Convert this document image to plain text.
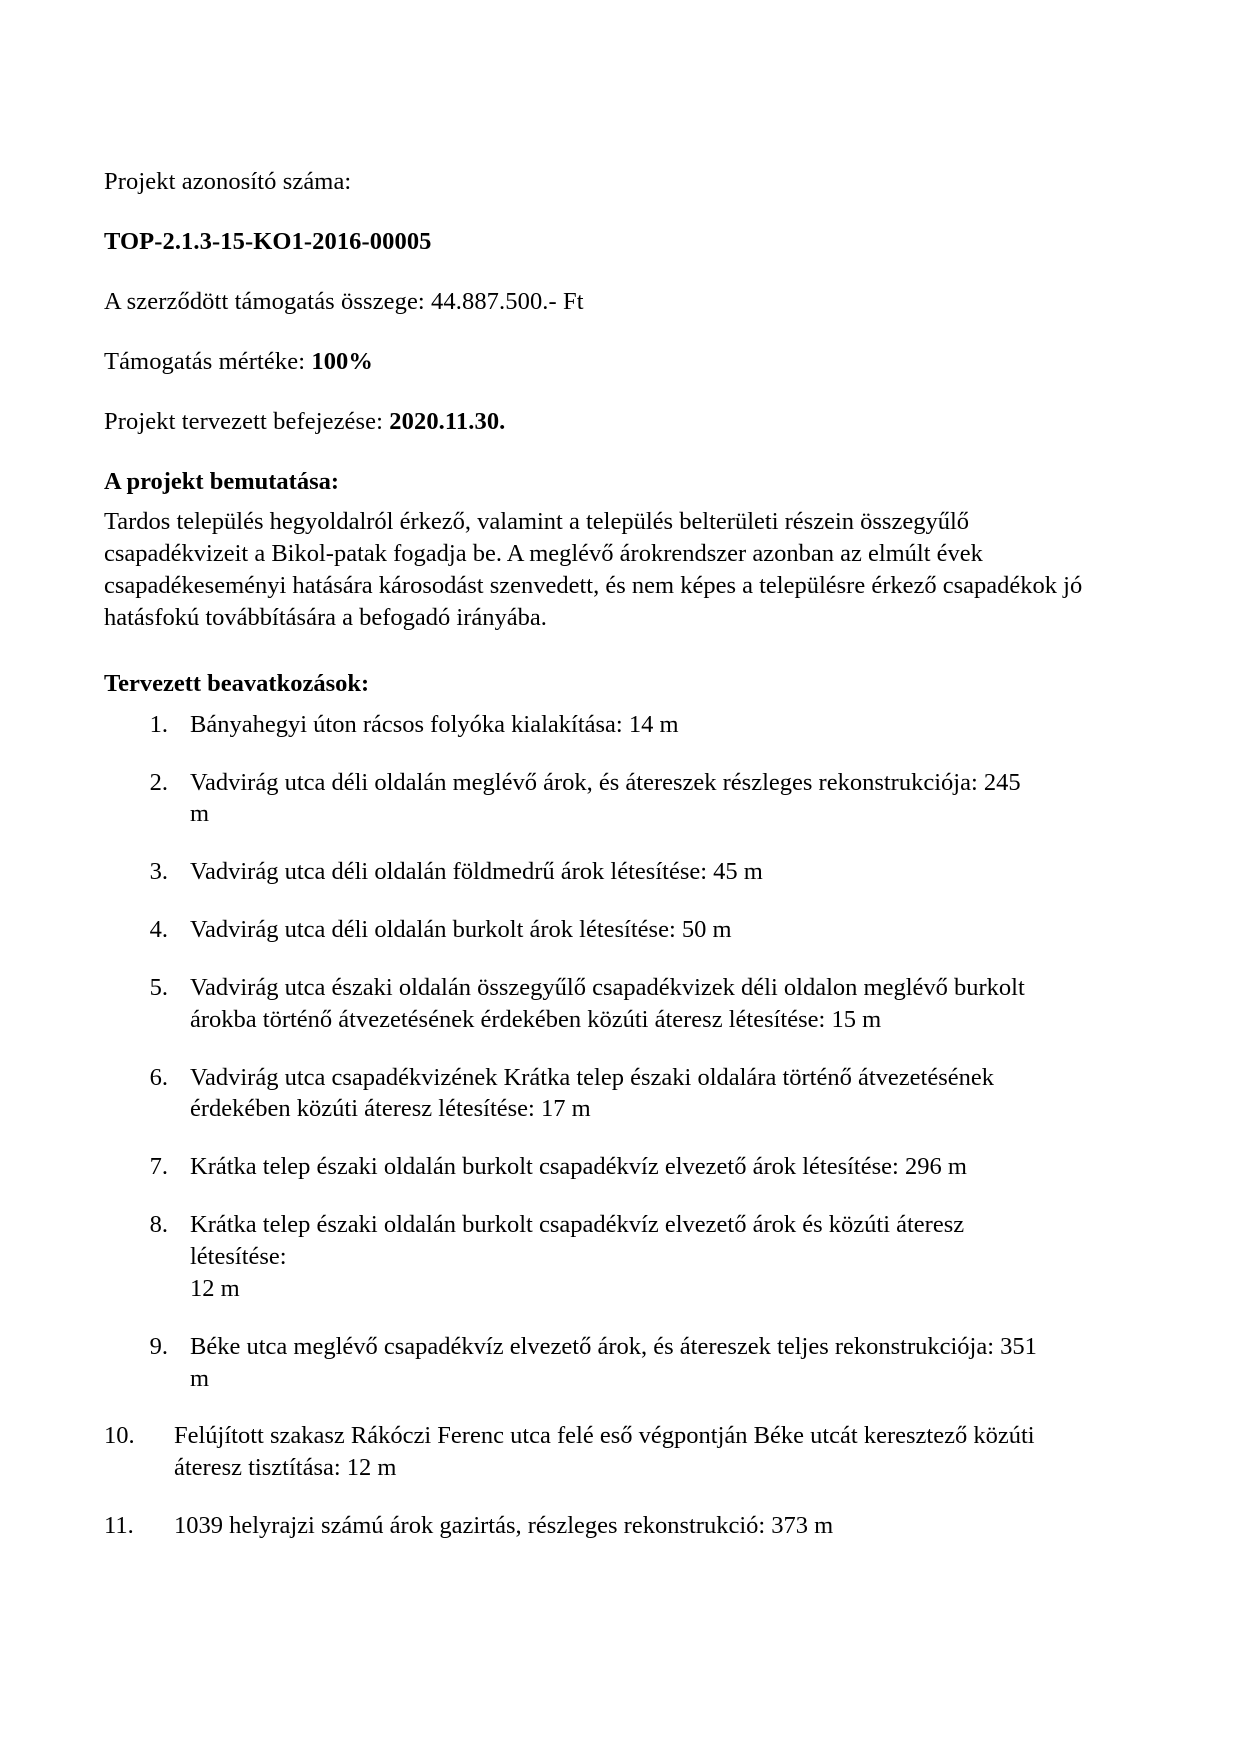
Projekt azonosító száma:

TOP-2.1.3-15-KO1-2016-00005

A szerződött támogatás összege: 44.887.500.- Ft

Támogatás mértéke: 100%

Projekt tervezett befejezése: 2020.11.30.

A projekt bemutatása:
Tardos település hegyoldalról érkező, valamint a település belterületi részein összegyűlő
csapadékvizeit a Bikol-patak fogadja be. A meglévő árokrendszer azonban az elmúlt évek
csapadékeseményi hatására károsodást szenvedett, és nem képes a településre érkező csapadékok jó
hatásfokú továbbítására a befogadó irányába.
Tervezett beavatkozások:
1. Bányahegyi úton rácsos folyóka kialakítása: 14 m
2. Vadvirág utca déli oldalán meglévő árok, és átereszek részleges rekonstrukciója: 245 m
3. Vadvirág utca déli oldalán földmedrű árok létesítése: 45 m
4. Vadvirág utca déli oldalán burkolt árok létesítése: 50 m
5. Vadvirág utca északi oldalán összegyűlő csapadékvizek déli oldalon meglévő burkolt
árokba történő átvezetésének érdekében közúti áteresz létesítése: 15 m
6. Vadvirág utca csapadékvizének Krátka telep északi oldalára történő átvezetésének
érdekében közúti áteresz létesítése: 17 m
7. Krátka telep északi oldalán burkolt csapadékvíz elvezető árok létesítése: 296 m
8. Krátka telep északi oldalán burkolt csapadékvíz elvezető árok és közúti áteresz létesítése:
12 m
9. Béke utca meglévő csapadékvíz elvezető árok, és átereszek teljes rekonstrukciója: 351 m
10.	Felújított szakasz Rákóczi Ferenc utca felé eső végpontján Béke utcát keresztező közúti
áteresz tisztítása: 12 m
11.	1039 helyrajzi számú árok gazirtás, részleges rekonstrukció: 373 m
